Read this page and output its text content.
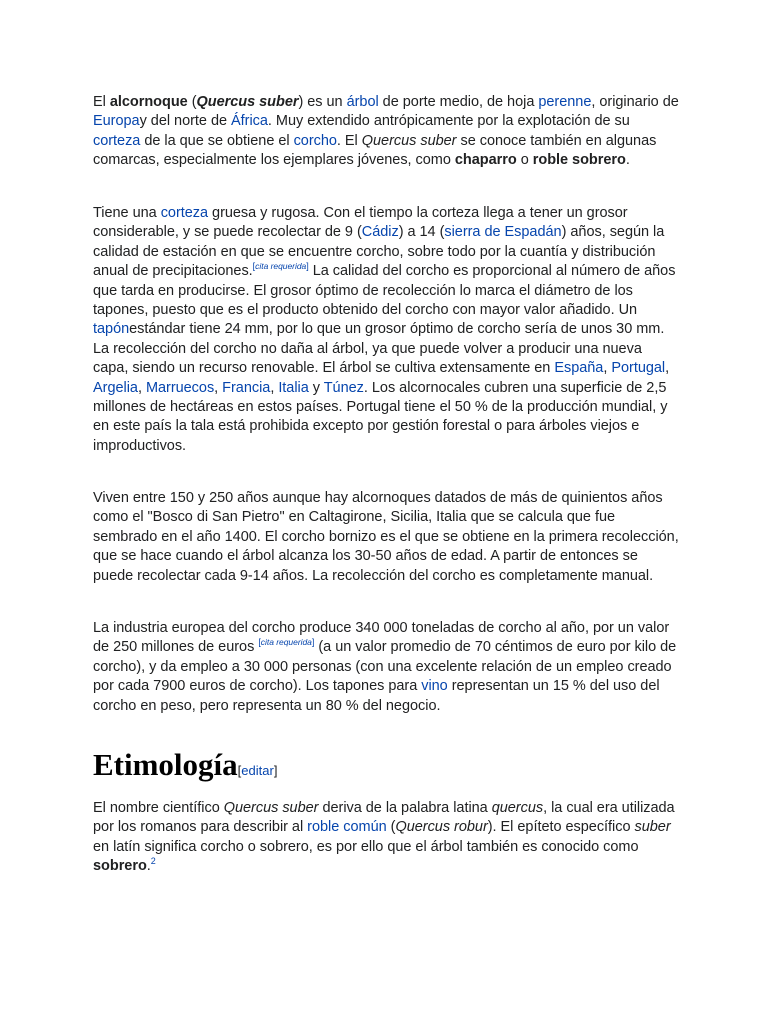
El alcornoque (Quercus suber) es un árbol de porte medio, de hoja perenne, originario de Europay del norte de África. Muy extendido antrópicamente por la explotación de su corteza de la que se obtiene el corcho. El Quercus suber se conoce también en algunas comarcas, especialmente los ejemplares jóvenes, como chaparro o roble sobrero.

Tiene una corteza gruesa y rugosa. Con el tiempo la corteza llega a tener un grosor considerable, y se puede recolectar de 9 (Cádiz) a 14 (sierra de Espadán) años, según la calidad de estación en que se encuentre corcho, sobre todo por la cuantía y distribución anual de precipitaciones.[cita requerida] La calidad del corcho es proporcional al número de años que tarda en producirse. El grosor óptimo de recolección lo marca el diámetro de los tapones, puesto que es el producto obtenido del corcho con mayor valor añadido. Un tapónestándar tiene 24 mm, por lo que un grosor óptimo de corcho sería de unos 30 mm. La recolección del corcho no daña al árbol, ya que puede volver a producir una nueva capa, siendo un recurso renovable. El árbol se cultiva extensamente en España, Portugal, Argelia, Marruecos, Francia, Italia y Túnez. Los alcornocales cubren una superficie de 2,5 millones de hectáreas en estos países. Portugal tiene el 50 % de la producción mundial, y en este país la tala está prohibida excepto por gestión forestal o para árboles viejos e improductivos.

Viven entre 150 y 250 años aunque hay alcornoques datados de más de quinientos años como el "Bosco di San Pietro" en Caltagirone, Sicilia, Italia que se calcula que fue sembrado en el año 1400. El corcho bornizo es el que se obtiene en la primera recolección, que se hace cuando el árbol alcanza los 30-50 años de edad. A partir de entonces se puede recolectar cada 9-14 años. La recolección del corcho es completamente manual.

La industria europea del corcho produce 340 000 toneladas de corcho al año, por un valor de 250 millones de euros [cita requerida] (a un valor promedio de 70 céntimos de euro por kilo de corcho), y da empleo a 30 000 personas (con una excelente relación de un empleo creado por cada 7900 euros de corcho). Los tapones para vino representan un 15 % del uso del corcho en peso, pero representa un 80 % del negocio.

Etimología[editar]

El nombre científico Quercus suber deriva de la palabra latina quercus, la cual era utilizada por los romanos para describir al roble común (Quercus robur). El epíteto específico suber en latín significa corcho o sobrero, es por ello que el árbol también es conocido como sobrero.$^2$
